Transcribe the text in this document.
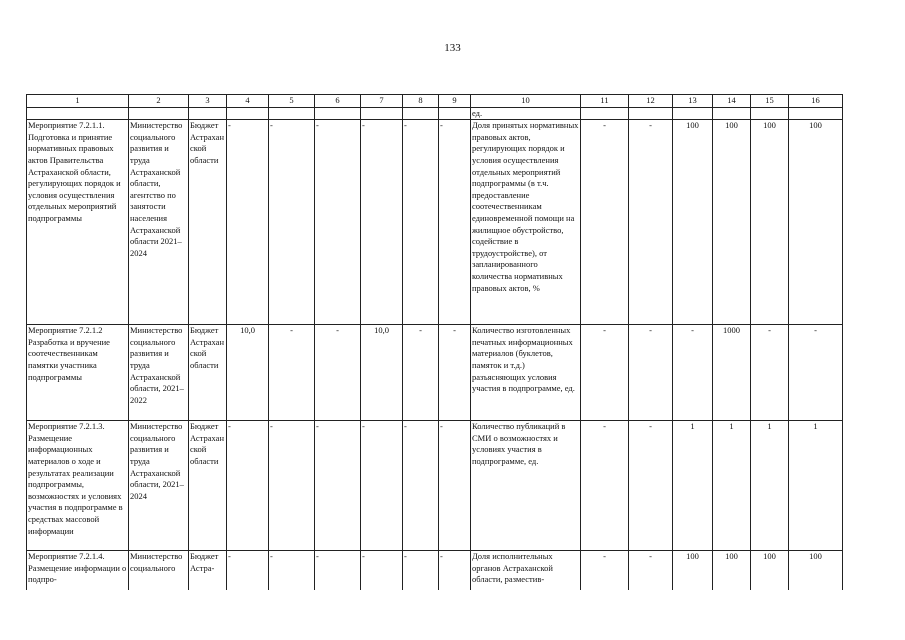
133
1	2	3	4	5	6	7	8	9	10	11	12	13	14	15	16
									ед.						
Мероприятие 7.2.1.1. Подготовка и принятие нормативных правовых актов Правительства Астраханской области, регулирующих порядок и условия осуществления отдельных мероприятий подпрограммы	Министерство социального развития и труда Астраханской области, агентство по занятости населения Астраханской области 2021–2024	Бюджет Астраханской области	-	-	-	-	-	-	Доля принятых нормативных правовых актов, регулирующих порядок и условия осуществления отдельных мероприятий подпрограммы (в т.ч. предоставление соотечественникам единовременной помощи на жилищное обустройство, содействие в трудоустройстве), от запланированного количества нормативных правовых актов, %	-	-	100	100	100	100
Мероприятие 7.2.1.2 Разработка и вручение соотечественникам памятки участника подпрограммы	Министерство социального развития и труда Астраханской области, 2021–2022	Бюджет Астраханской области	10,0	-	-	10,0	-	-	Количество изготовленных печатных информационных материалов (буклетов, памяток и т.д.) разъясняющих условия участия в подпрограмме, ед.	-	-	-	1000	-	-
Мероприятие 7.2.1.3. Размещение информационных материалов о ходе и результатах реализации подпрограммы, возможностях и условиях участия в подпрограмме в средствах массовой информации	Министерство социального развития и труда Астраханской области, 2021–2024	Бюджет Астраханской области	-	-	-	-	-	-	Количество публикаций в СМИ о возможностях и условиях участия в подпрограмме, ед.	-	-	1	1	1	1
Мероприятие 7.2.1.4. Размещение информации о подпро-	Министерство социального	Бюджет Астра-	-	-	-	-	-	-	Доля исполнительных органов Астраханской области, разместив-	-	-	100	100	100	100
